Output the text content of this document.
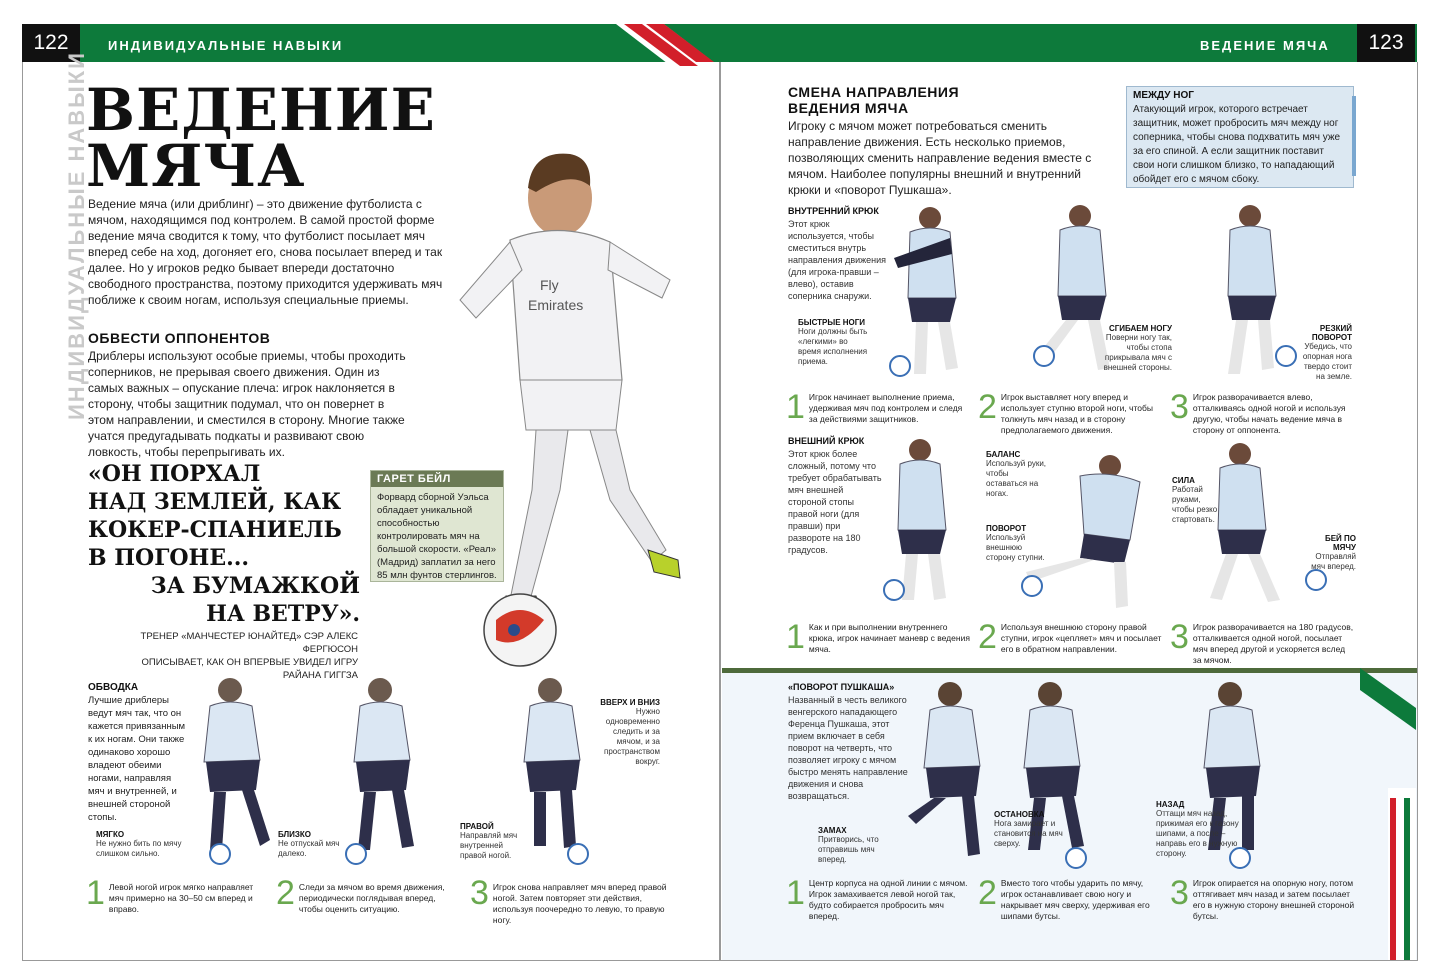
122	ИНДИВИДУАЛЬНЫЕ НАВЫКИ	ВЕДЕНИЕ МЯЧА	123
ИНДИВИДУАЛЬНЫЕ НАВЫКИ
ВЕДЕНИЕ
МЯЧА
Ведение мяча (или дриблинг) – это движение футболиста с мячом, находящимся под контролем. В самой простой форме ведение мяча сводится к тому, что футболист посылает мяч вперед себе на ход, догоняет его, снова посылает вперед и так далее. Но у игроков редко бывает впереди достаточно свободного пространства, поэтому приходится удерживать мяч поближе к своим ногам, используя специальные приемы.
ОБВЕСТИ ОППОНЕНТОВ
Дриблеры используют особые приемы, чтобы проходить соперников, не прерывая своего движения. Один из самых важных – опускание плеча: игрок наклоняется в сторону, чтобы защитник подумал, что он повернет в этом направлении, и сместился в сторону. Многие также учатся предугадывать подкаты и развивают свою ловкость, чтобы перепрыгивать их.
Fly
Emirates
ГАРЕТ БЕЙЛ
Форвард сборной Уэльса обладает уникальной способностью контролировать мяч на большой скорости. «Реал» (Мадрид) заплатил за него 85 млн фунтов стерлингов.
«ОН ПОРХАЛ
НАД ЗЕМЛЕЙ, КАК
КОКЕР-СПАНИЕЛЬ
В ПОГОНЕ...
ЗА БУМАЖКОЙ
НА ВЕТРУ».
ТРЕНЕР «МАНЧЕСТЕР ЮНАЙТЕД» СЭР АЛЕКС ФЕРГЮСОН
ОПИСЫВАЕТ, КАК ОН ВПЕРВЫЕ УВИДЕЛ ИГРУ
РАЙАНА ГИГГЗА
ОБВОДКА
Лучшие дриблеры ведут мяч так, что он кажется привязанным к их ногам. Они также одинаково хорошо владеют обеими ногами, направляя мяч и внутренней, и внешней стороной стопы.
МЯГКО
Не нужно бить по мячу слишком сильно.
БЛИЗКО
Не отпускай мяч далеко.
ПРАВОЙ
Направляй мяч внутренней правой ногой.
ВВЕРХ И ВНИЗ
Нужно одновременно следить и за мячом, и за пространством вокруг.
1 Левой ногой игрок мягко направляет мяч примерно на 30–50 см вперед и вправо.	2 Следи за мячом во время движения, периодически поглядывая вперед, чтобы оценить ситуацию.	3 Игрок снова направляет мяч вперед правой ногой. Затем повторяет эти действия, используя поочередно то левую, то правую ногу.
СМЕНА НАПРАВЛЕНИЯ
ВЕДЕНИЯ МЯЧА
Игроку с мячом может потребоваться сменить направление движения. Есть несколько приемов, позволяющих сменить направление ведения вместе с мячом. Наиболее популярны внешний и внутренний крюки и «поворот Пушкаша».
МЕЖДУ НОГ
Атакующий игрок, которого встречает защитник, может пробросить мяч между ног соперника, чтобы снова подхватить мяч уже за его спиной. А если защитник поставит свои ноги слишком близко, то нападающий обойдет его с мячом сбоку.
ВНУТРЕННИЙ КРЮК
Этот крюк используется, чтобы сместиться внутрь направления движения (для игрока-правши – влево), оставив соперника снаружи.
БЫСТРЫЕ НОГИ
Ноги должны быть «легкими» во время исполнения приема.
СГИБАЕМ НОГУ
Поверни ногу так, чтобы стопа прикрывала мяч с внешней стороны.
РЕЗКИЙ ПОВОРОТ
Убедись, что опорная нога твердо стоит на земле.
1 Игрок начинает выполнение приема, удерживая мяч под контролем и следя за действиями защитников.	2 Игрок выставляет ногу вперед и использует ступню второй ноги, чтобы толкнуть мяч назад и в сторону предполагаемого движения.
3 Игрок разворачивается влево, отталкиваясь одной ногой и используя другую, чтобы начать ведение мяча в сторону от оппонента.
ВНЕШНИЙ КРЮК
Этот крюк более сложный, потому что требует обрабатывать мяч внешней стороной стопы правой ноги (для правши) при развороте на 180 градусов.
БАЛАНС
Используй руки, чтобы оставаться на ногах.
ПОВОРОТ
Используй внешнюю сторону ступни.
СИЛА
Работай руками, чтобы резко стартовать.
БЕЙ ПО МЯЧУ
Отправляй мяч вперед.
1 Как и при выполнении внутреннего крюка, игрок начинает маневр с ведения мяча.	2 Используя внешнюю сторону правой ступни, игрок «цепляет» мяч и посылает его в обратном направлении.	3 Игрок разворачивается на 180 градусов, отталкивается одной ногой, посылает мяч вперед другой и ускоряется вслед за мячом.
«ПОВОРОТ ПУШКАША»
Названный в честь великого венгерского нападающего Ференца Пушкаша, этот прием включает в себя поворот на четверть, что позволяет игроку с мячом быстро менять направление движения и снова возвращаться.
ЗАМАХ
Притворись, что отправишь мяч вперед.
ОСТАНОВКА
Нога замирает и становится на мяч сверху.
НАЗАД
Оттащи мяч назад, прижимая его к газону шипами, а после – направь его в нужную сторону.
1 Центр корпуса на одной линии с мячом. Игрок замахивается левой ногой так, будто собирается пробросить мяч вперед.
2 Вместо того чтобы ударить по мячу, игрок останавливает свою ногу и накрывает мяч сверху, удерживая его шипами бутсы.
3 Игрок опирается на опорную ногу, потом оттягивает мяч назад и затем посылает его в нужную сторону внешней стороной бутсы.
